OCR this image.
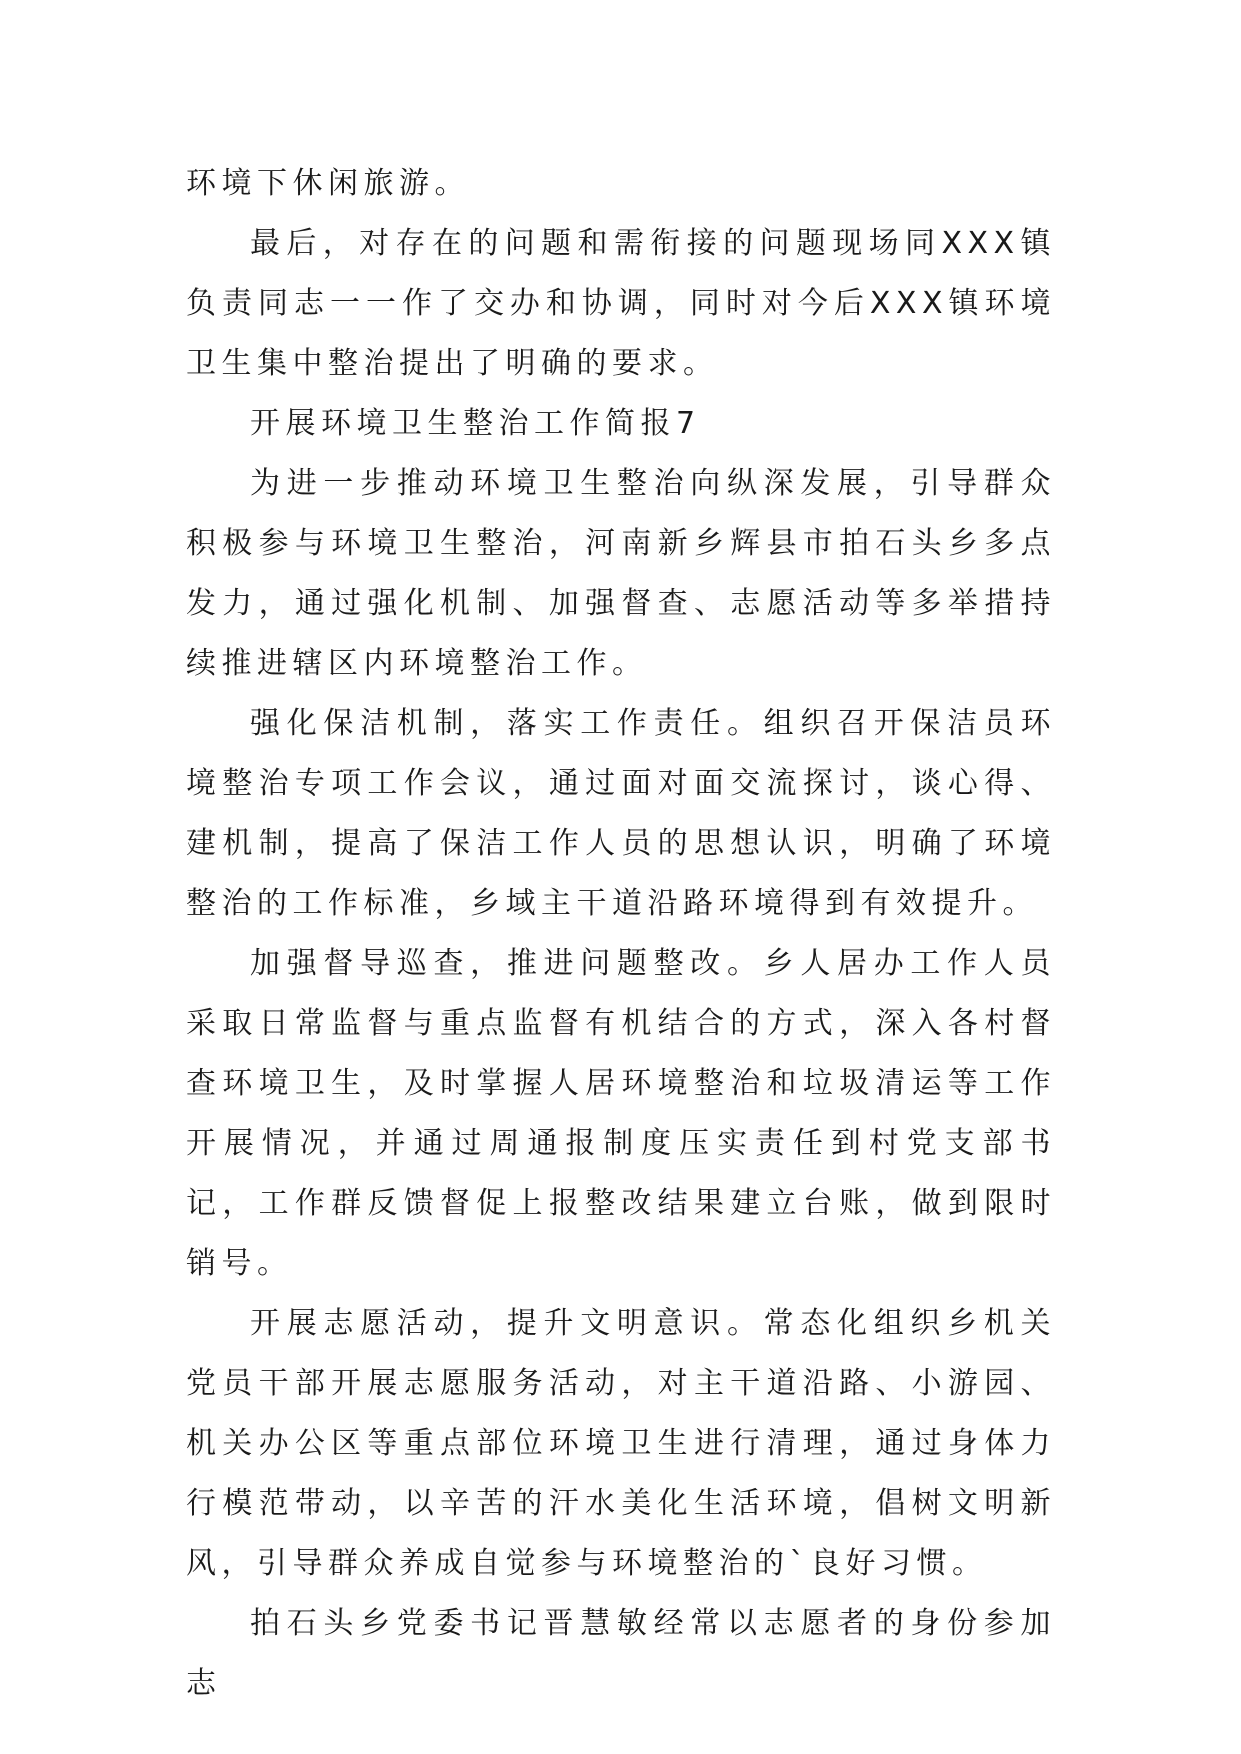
环境下休闲旅游。

最后，对存在的问题和需衔接的问题现场同XXX镇负责同志一一作了交办和协调，同时对今后XXX镇环境卫生集中整治提出了明确的要求。

开展环境卫生整治工作简报7

为进一步推动环境卫生整治向纵深发展，引导群众积极参与环境卫生整治，河南新乡辉县市拍石头乡多点发力，通过强化机制、加强督查、志愿活动等多举措持续推进辖区内环境整治工作。

强化保洁机制，落实工作责任。组织召开保洁员环境整治专项工作会议，通过面对面交流探讨，谈心得、建机制，提高了保洁工作人员的思想认识，明确了环境整治的工作标准，乡域主干道沿路环境得到有效提升。

加强督导巡查，推进问题整改。乡人居办工作人员采取日常监督与重点监督有机结合的方式，深入各村督查环境卫生，及时掌握人居环境整治和垃圾清运等工作开展情况，并通过周通报制度压实责任到村党支部书记，工作群反馈督促上报整改结果建立台账，做到限时销号。

开展志愿活动，提升文明意识。常态化组织乡机关党员干部开展志愿服务活动，对主干道沿路、小游园、机关办公区等重点部位环境卫生进行清理，通过身体力行模范带动，以辛苦的汗水美化生活环境，倡树文明新风，引导群众养成自觉参与环境整治的`良好习惯。

拍石头乡党委书记晋慧敏经常以志愿者的身份参加志
